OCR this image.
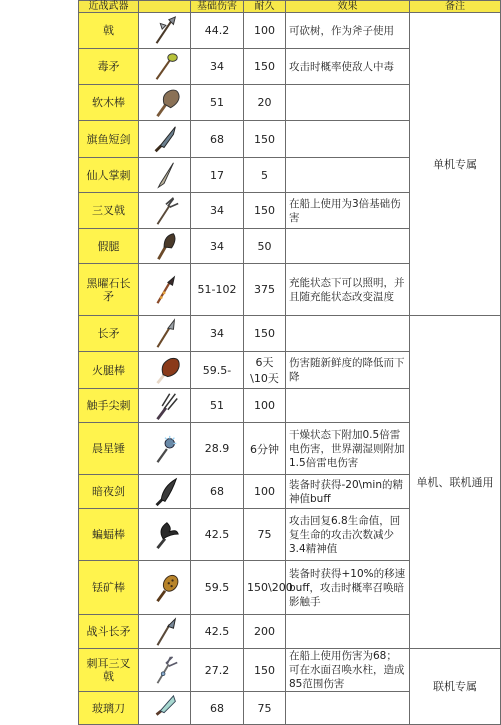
近战武器		基础伤害	耐久	效果	备注
戟		44.2	100	可砍树，作为斧子使用	单机专属
毒矛		34	150	攻击时概率使敌人中毒	
软木棒		51	20		
旗鱼短剑		68	150		
仙人掌刺		17	5		
三叉戟		34	150	在船上使用为3倍基础伤害	
假腿		34	50		
黑曜石长矛		51-102	375	充能状态下可以照明，并且随充能状态改变温度	
长矛		34	150		单机、联机通用
火腿棒		59.5-	6天\10天	伤害随新鲜度的降低而下降	
触手尖刺		51	100		
晨星锤		28.9	6分钟	干燥状态下附加0.5倍雷电伤害，世界潮湿则附加1.5倍雷电伤害	
暗夜剑		68	100	装备时获得-20\min的精神值buff	
蝙蝠棒		42.5	75	攻击回复6.8生命值，回复生命的攻击次数减少3.4精神值	
铥矿棒		59.5	150\200	装备时获得+10%的移速buff，攻击时概率召唤暗影触手	
战斗长矛		42.5	200		
刺耳三叉戟		27.2	150	在船上使用伤害为68；可在水面召唤水柱，造成85范围伤害	联机专属
玻璃刀		68	75		
